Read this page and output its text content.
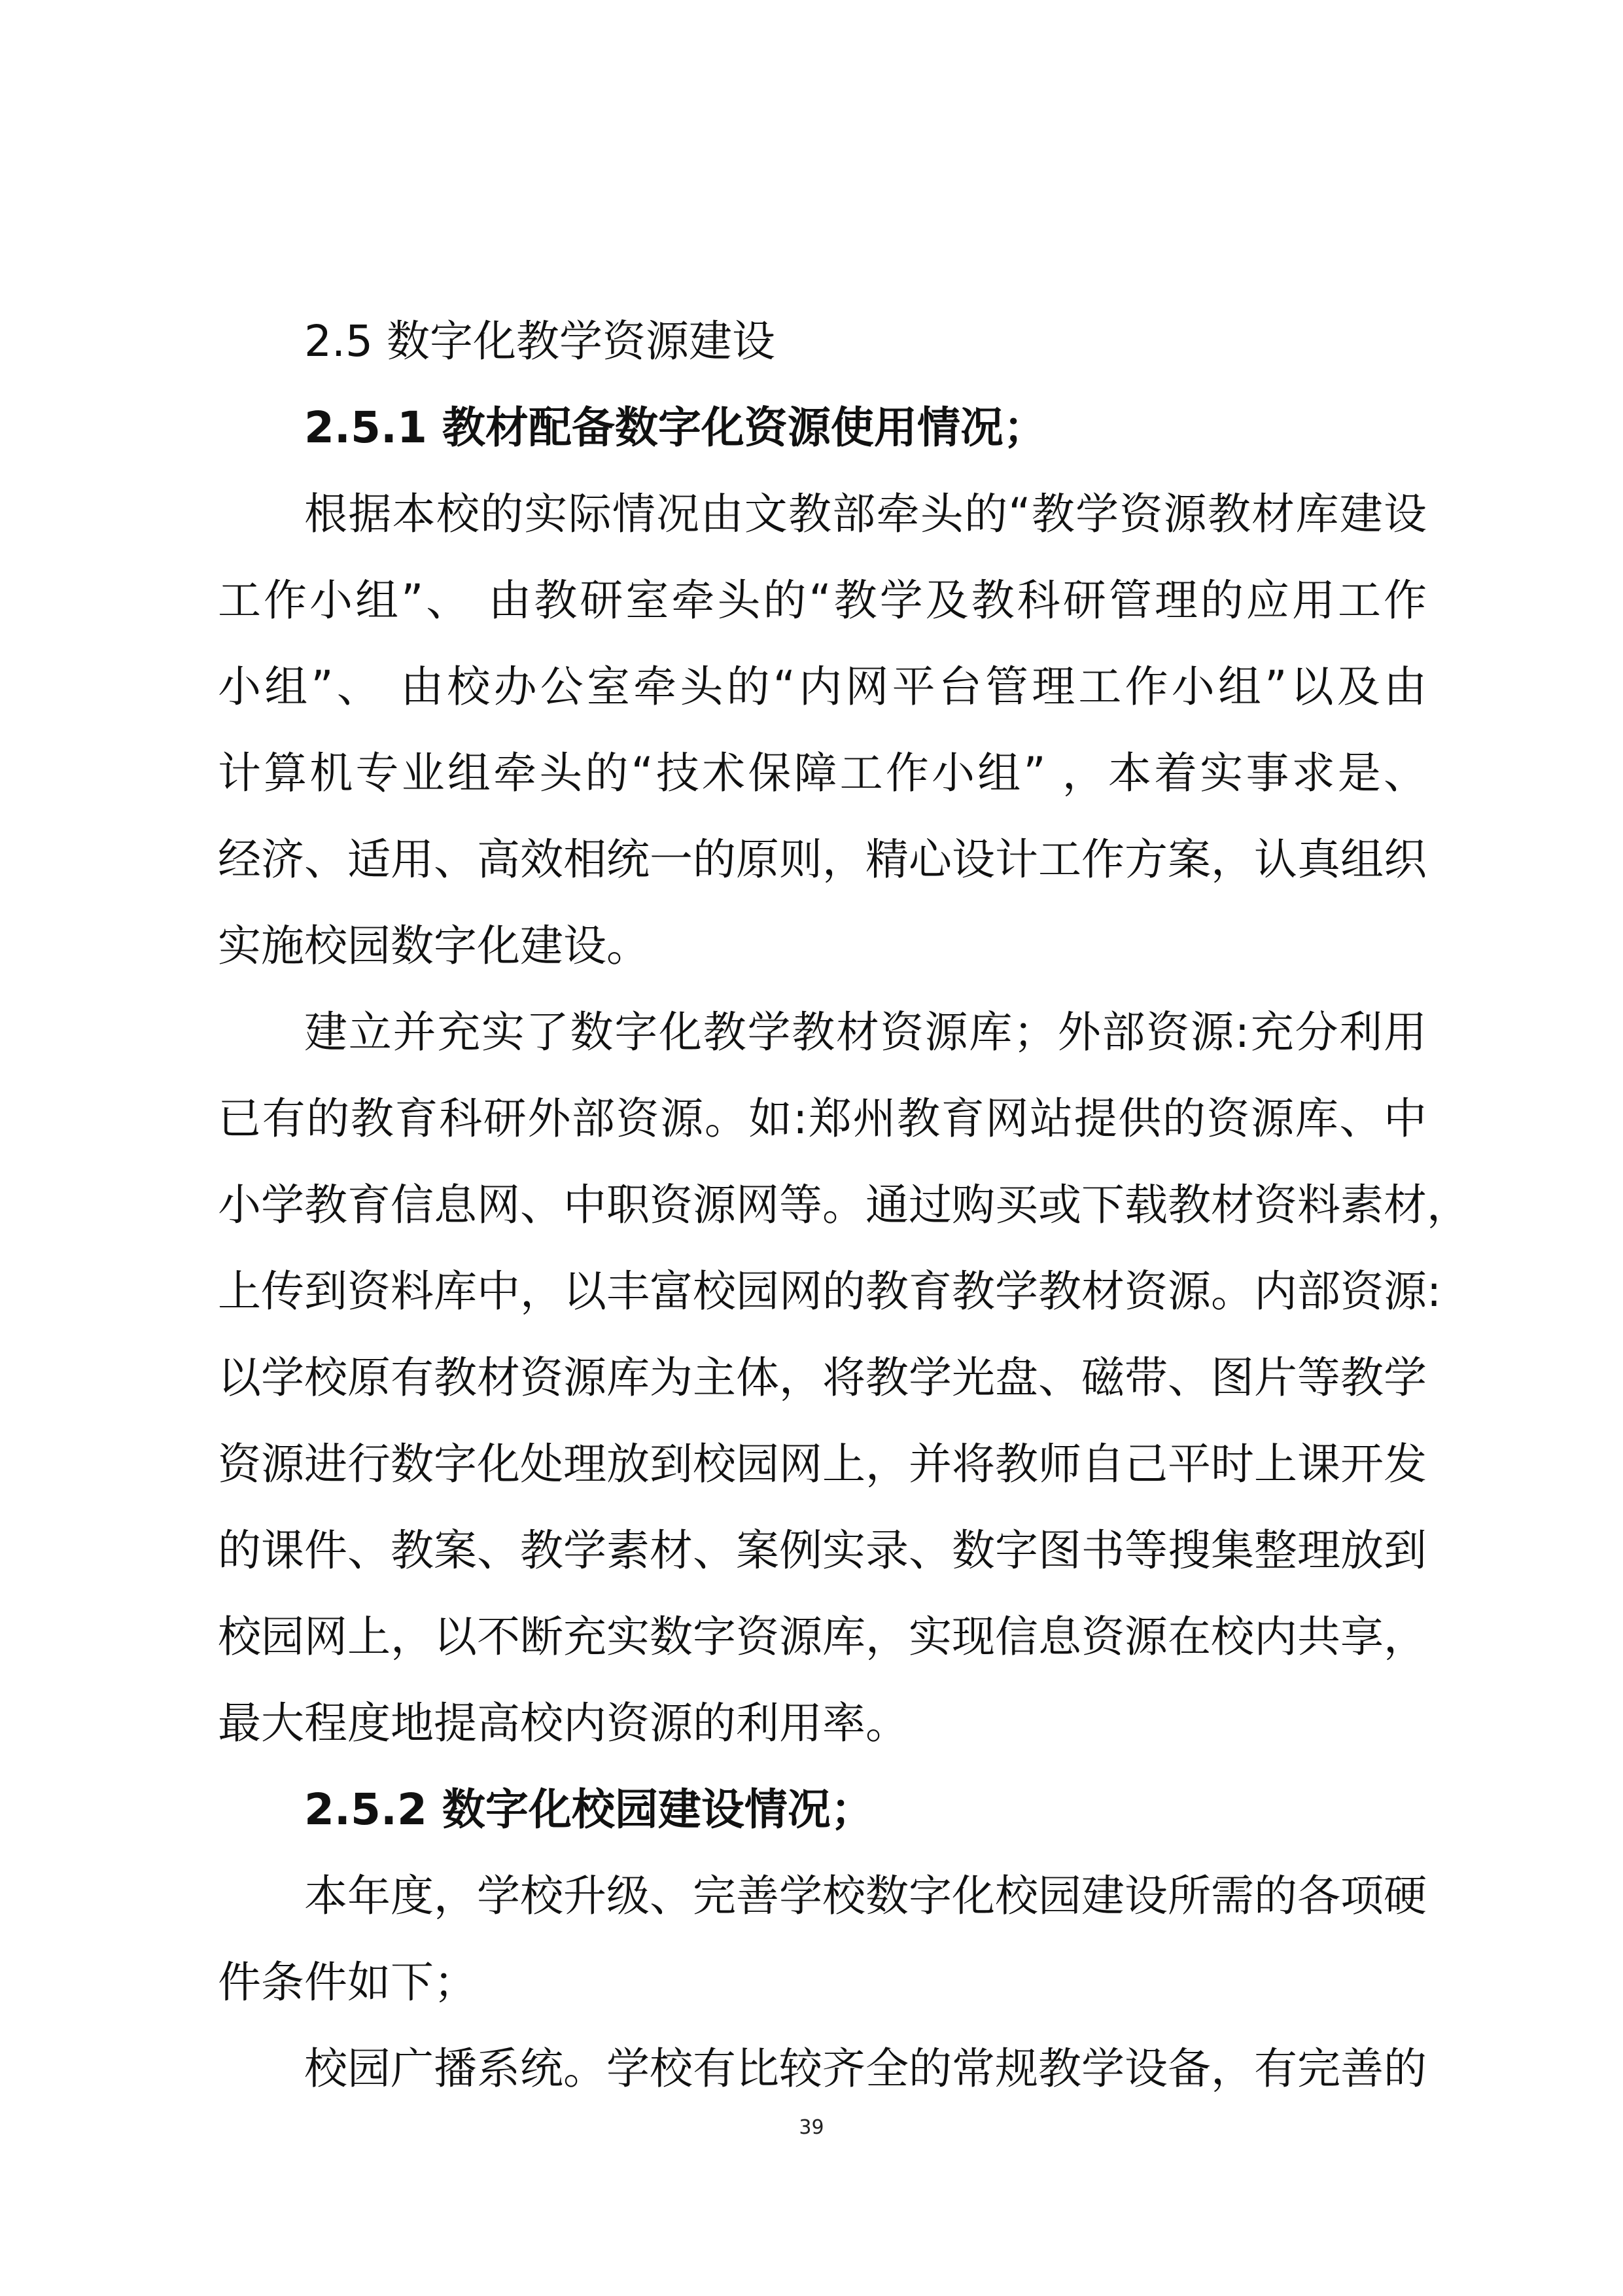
2.5 数字化教学资源建设
2.5.1 教材配备数字化资源使用情况；
根据本校的实际情况由文教部牵头的“教学资源教材库建设
工作小组”、 由教研室牵头的“教学及教科研管理的应用工作
小组”、 由校办公室牵头的“内网平台管理工作小组”以及由
计算机专业组牵头的“技术保障工作小组” ，本着实事求是、
经济、适用、高效相统一的原则，精心设计工作方案，认真组织
实施校园数字化建设。
建立并充实了数字化教学教材资源库；外部资源:充分利用
已有的教育科研外部资源。如:郑州教育网站提供的资源库、中
小学教育信息网、中职资源网等。通过购买或下载教材资料素材，
上传到资料库中，以丰富校园网的教育教学教材资源。内部资源:
以学校原有教材资源库为主体，将教学光盘、磁带、图片等教学
资源进行数字化处理放到校园网上，并将教师自己平时上课开发
的课件、教案、教学素材、案例实录、数字图书等搜集整理放到
校园网上，以不断充实数字资源库，实现信息资源在校内共享，
最大程度地提高校内资源的利用率。
2.5.2 数字化校园建设情况；
本年度，学校升级、完善学校数字化校园建设所需的各项硬
件条件如下；
校园广播系统。学校有比较齐全的常规教学设备，有完善的
39
